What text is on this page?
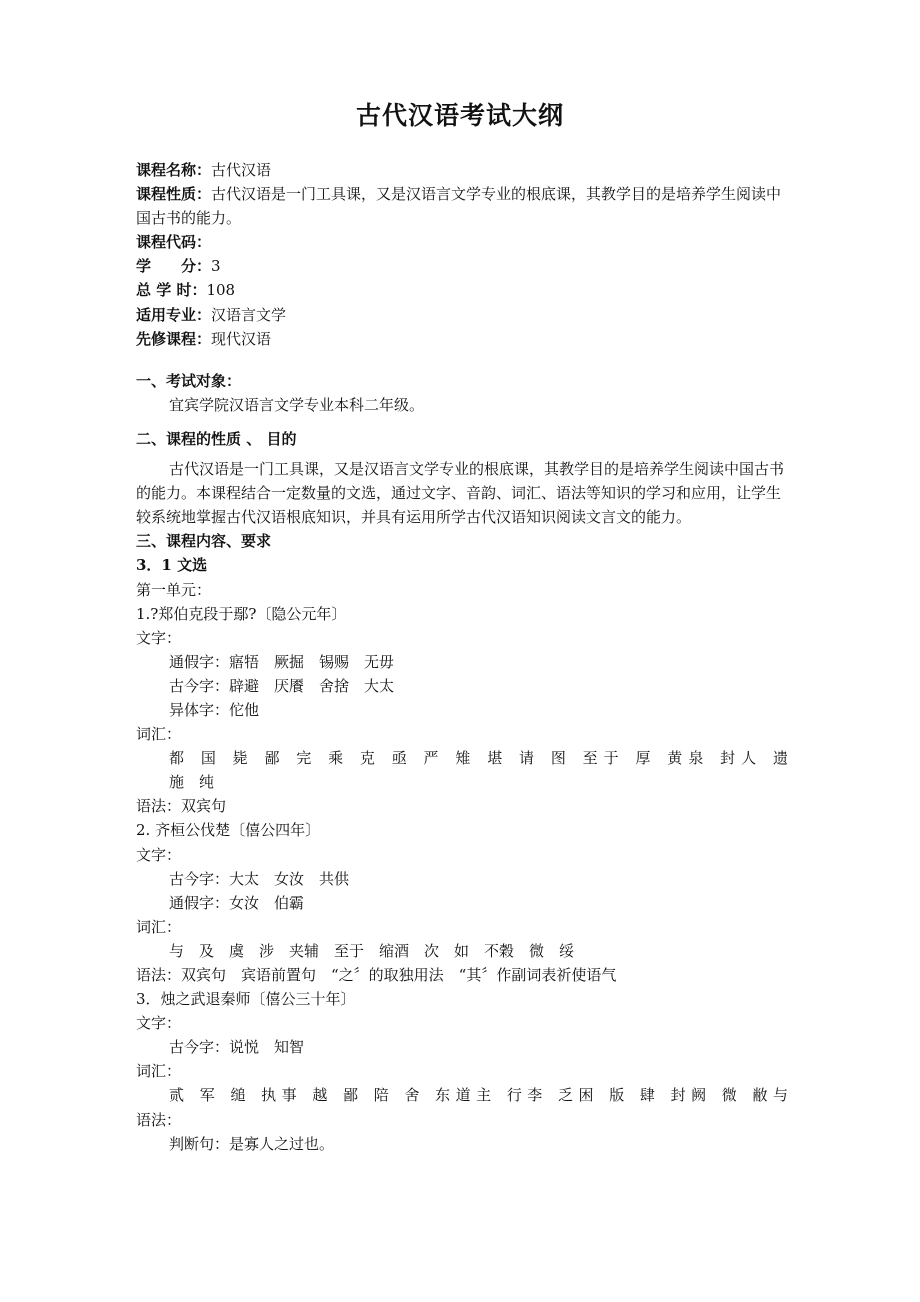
古代汉语考试大纲
课程名称：古代汉语
课程性质：古代汉语是一门工具课，又是汉语言文学专业的根底课，其教学目的是培养学生阅读中国古书的能力。
课程代码：
学　　分：3
总 学 时：108
适用专业：汉语言文学
先修课程：现代汉语
一、考试对象：
宜宾学院汉语言文学专业本科二年级。
二、课程的性质 、 目的
古代汉语是一门工具课，又是汉语言文学专业的根底课，其教学目的是培养学生阅读中国古书的能力。本课程结合一定数量的文选，通过文字、音韵、词汇、语法等知识的学习和应用，让学生较系统地掌握古代汉语根底知识，并具有运用所学古代汉语知识阅读文言文的能力。
三、课程内容、要求
3．1 文选
第一单元：
1.?郑伯克段于鄢?〔隐公元年〕
文字：
通假字：寤牾　厥掘　锡赐　无毋
古今字：辟避　厌餍　舍捨　大太
异体字：佗他
词汇：
都 国 毙 鄙 完 乘 克 亟 严 雉 堪 请 图 至于 厚 黄泉 封人 遗
施　纯
语法：双宾句
2. 齐桓公伐楚〔僖公四年〕
文字：
古今字：大太　女汝　共供
通假字：女汝　伯霸
词汇：
与　及　虞　涉　夹辅　至于　缩酒　次　如　不穀　微　绥
语法：双宾句　宾语前置句　“之〞的取独用法　“其〞作副词表祈使语气
3．烛之武退秦师〔僖公三十年〕
文字：
古今字：说悦　知智
词汇：
贰 军 缒 执事 越 鄙 陪 舍 东道主 行李 乏困 版 肆 封阙 微 敝与
语法：
判断句：是寡人之过也。
